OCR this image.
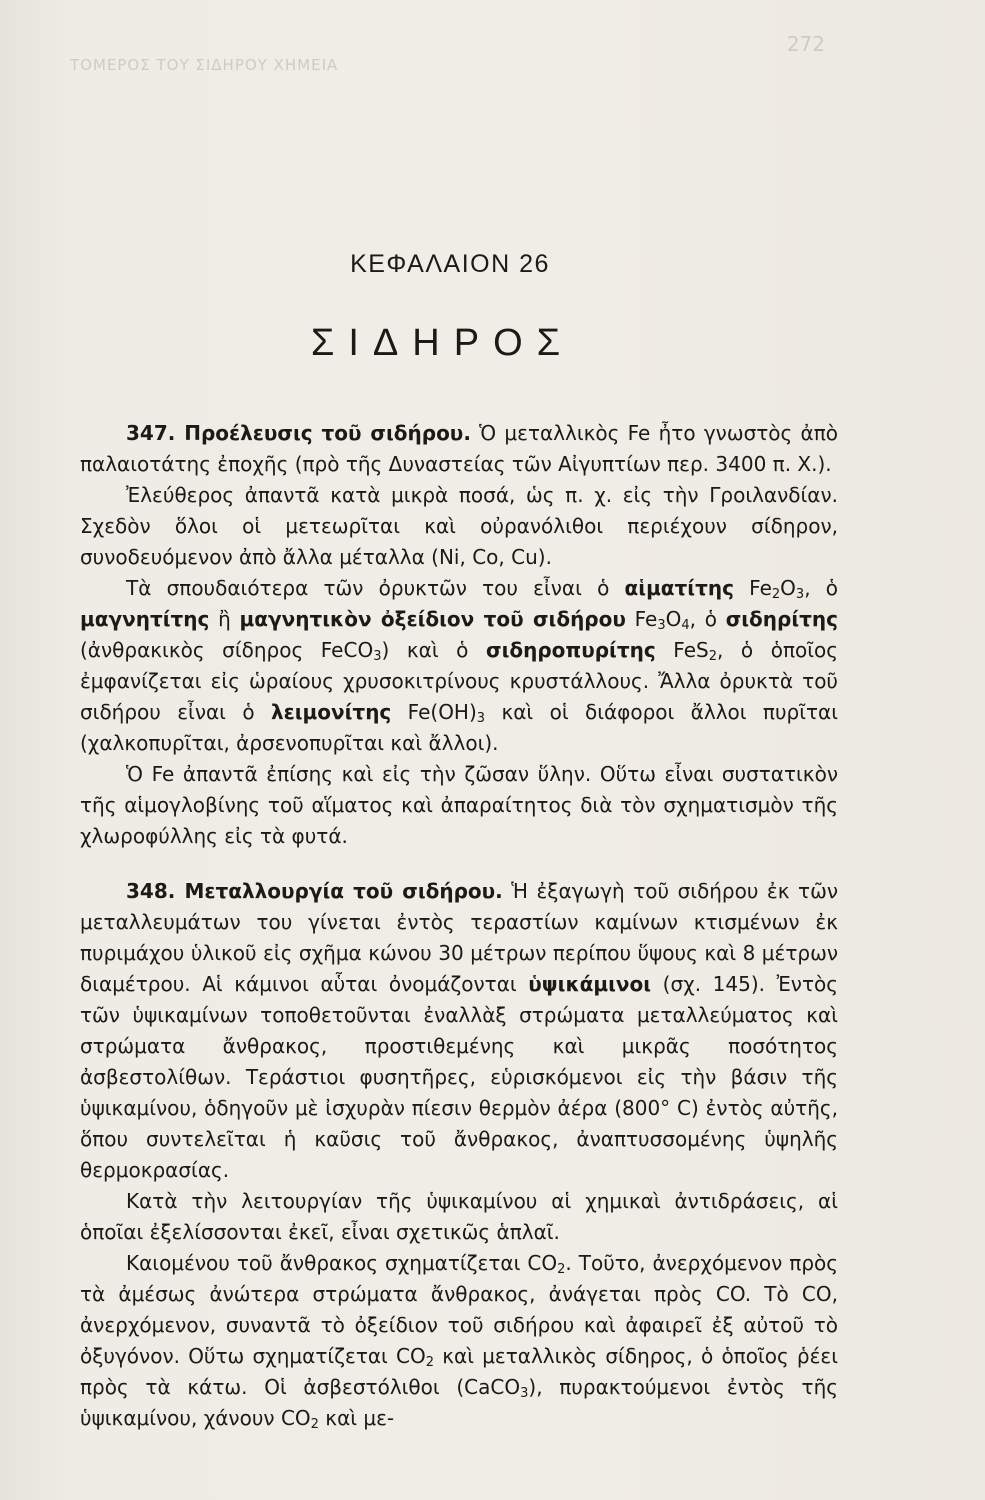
ΤΟΜΕΡΟΣ ΤΟΥ ΣΙΔΗΡΟΥ ΧΗΜΕΙΑ
272
ΚΕΦΑΛΑΙΟΝ 26
ΣΙΔΗΡΟΣ

347. Προέλευσις τοῦ σιδήρου. Ὁ μεταλλικὸς Fe ἦτο γνωστὸς ἀπὸ παλαιοτάτης ἐποχῆς (πρὸ τῆς Δυναστείας τῶν Αἰγυπτίων περ. 3400 π. Χ.).

Ἐλεύθερος ἀπαντᾶ κατὰ μικρὰ ποσά, ὡς π. χ. εἰς τὴν Γροιλανδίαν. Σχεδὸν ὅλοι οἱ μετεωρῖται καὶ οὐρανόλιθοι περιέχουν σίδηρον, συνοδευόμενον ἀπὸ ἄλλα μέταλλα (Ni, Co, Cu).

Τὰ σπουδαιότερα τῶν ὀρυκτῶν του εἶναι ὁ αἱματίτης $Fe_2O_3$, ὁ μαγνητίτης ἢ μαγνητικὸν ὀξείδιον τοῦ σιδήρου $Fe_3O_4$, ὁ σιδηρίτης (ἀνθρακικὸς σίδηρος FeCO$_3$) καὶ ὁ σιδηροπυρίτης FeS$_2$, ὁ ὁποῖος ἐμφανίζεται εἰς ὡραίους χρυσοκιτρίνους κρυστάλλους. Ἄλλα ὀρυκτὰ τοῦ σιδήρου εἶναι ὁ λειμονίτης $Fe(OH)_3$ καὶ οἱ διάφοροι ἄλλοι πυρῖται (χαλκοπυρῖται, ἀρσενοπυρῖται καὶ ἄλλοι).

Ὁ Fe ἀπαντᾶ ἐπίσης καὶ εἰς τὴν ζῶσαν ὕλην. Οὕτω εἶναι συστατικὸν τῆς αἱμογλοβίνης τοῦ αἵματος καὶ ἀπαραίτητος διὰ τὸν σχηματισμὸν τῆς χλωροφύλλης εἰς τὰ φυτά.

348. Μεταλλουργία τοῦ σιδήρου. Ἡ ἐξαγωγὴ τοῦ σιδήρου ἐκ τῶν μεταλλευμάτων του γίνεται ἐντὸς τεραστίων καμίνων κτισμένων ἐκ πυριμάχου ὑλικοῦ εἰς σχῆμα κώνου 30 μέτρων περίπου ὕψους καὶ 8 μέτρων διαμέτρου. Αἱ κάμινοι αὗται ὀνομάζονται ὑψικάμινοι (σχ. 145). Ἐντὸς τῶν ὑψικαμίνων τοποθετοῦνται ἐναλλὰξ στρώματα μεταλλεύματος καὶ στρώματα ἄνθρακος, προστιθεμένης καὶ μικρᾶς ποσότητος ἀσβεστολίθων. Τεράστιοι φυσητῆρες, εὑρισκόμενοι εἰς τὴν βάσιν τῆς ὑψικαμίνου, ὁδηγοῦν μὲ ἰσχυρὰν πίεσιν θερμὸν ἀέρα (800° C) ἐντὸς αὐτῆς, ὅπου συντελεῖται ἡ καῦσις τοῦ ἄνθρακος, ἀναπτυσσομένης ὑψηλῆς θερμοκρασίας.

Κατὰ τὴν λειτουργίαν τῆς ὑψικαμίνου αἱ χημικαὶ ἀντιδράσεις, αἱ ὁποῖαι ἐξελίσσονται ἐκεῖ, εἶναι σχετικῶς ἁπλαῖ.

Καιομένου τοῦ ἄνθρακος σχηματίζεται $CO_2$. Τοῦτο, ἀνερχόμενον πρὸς τὰ ἀμέσως ἀνώτερα στρώματα ἄνθρακος, ἀνάγεται πρὸς CO. Τὸ CO, ἀνερχόμενον, συναντᾶ τὸ ὀξείδιον τοῦ σιδήρου καὶ ἀφαιρεῖ ἐξ αὐτοῦ τὸ ὀξυγόνον. Οὕτω σχηματίζεται $CO_2$ καὶ μεταλλικὸς σίδηρος, ὁ ὁποῖος ῥέει πρὸς τὰ κάτω. Οἱ ἀσβεστόλιθοι (CaCO$_3$), πυρακτούμενοι ἐντὸς τῆς ὑψικαμίνου, χάνουν $CO_2$ καὶ με-
